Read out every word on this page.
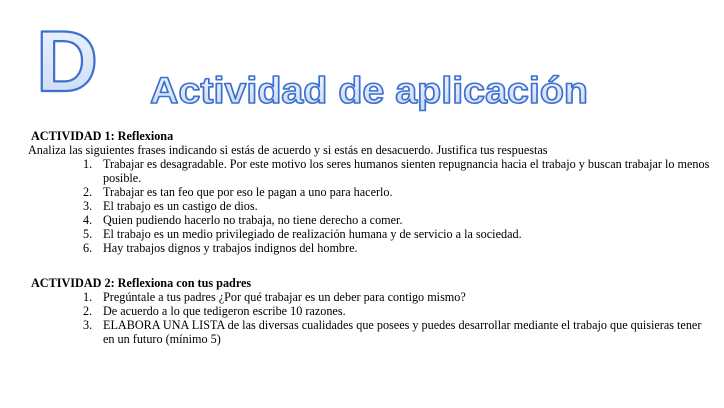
D Actividad de aplicación

ACTIVIDAD 1: Reflexiona

Analiza las siguientes frases indicando si estás de acuerdo y si estás en desacuerdo. Justifica tus respuestas

1. Trabajar es desagradable. Por este motivo los seres humanos sienten repugnancia hacia el trabajo y buscan trabajar lo menos posible.
2. Trabajar es tan feo que por eso le pagan a uno para hacerlo.
3. El trabajo es un castigo de dios.
4. Quien pudiendo hacerlo no trabaja, no tiene derecho a comer.
5. El trabajo es un medio privilegiado de realización humana y de servicio a la sociedad.
6. Hay trabajos dignos y trabajos indignos del hombre.

ACTIVIDAD 2: Reflexiona con tus padres

1. Pregúntale a tus padres ¿Por qué trabajar es un deber para contigo mismo?
2. De acuerdo a lo que tedigeron escribe 10 razones.
3. ELABORA UNA LISTA de las diversas cualidades que posees y puedes desarrollar mediante el trabajo que quisieras tener en un futuro (mínimo 5)
